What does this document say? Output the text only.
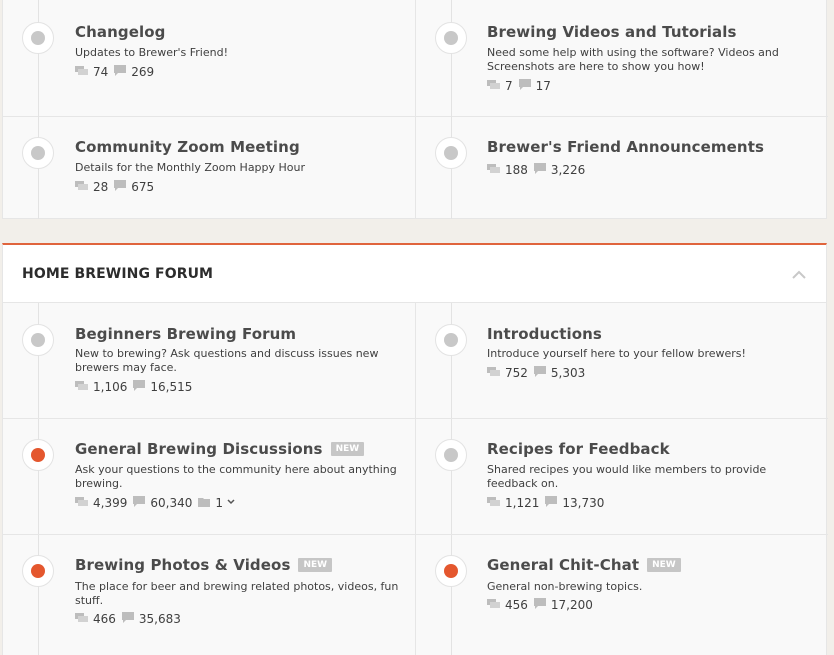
Changelog
Updates to Brewer's Friend!
74 269
Brewing Videos and Tutorials
Need some help with using the software? Videos and Screenshots are here to show you how!
7 17
Community Zoom Meeting
Details for the Monthly Zoom Happy Hour
28 675
Brewer's Friend Announcements
188 3,226
HOME BREWING FORUM
Beginners Brewing Forum
New to brewing? Ask questions and discuss issues new brewers may face.
1,106 16,515
Introductions
Introduce yourself here to your fellow brewers!
752 5,303
General Brewing Discussions	NEW
Ask your questions to the community here about anything brewing.
4,399 60,340 1
Recipes for Feedback
Shared recipes you would like members to provide feedback on.
1,121 13,730
Brewing Photos & Videos	NEW
The place for beer and brewing related photos, videos, fun stuff.
466 35,683
General Chit-Chat	NEW
General non-brewing topics.
456 17,200
